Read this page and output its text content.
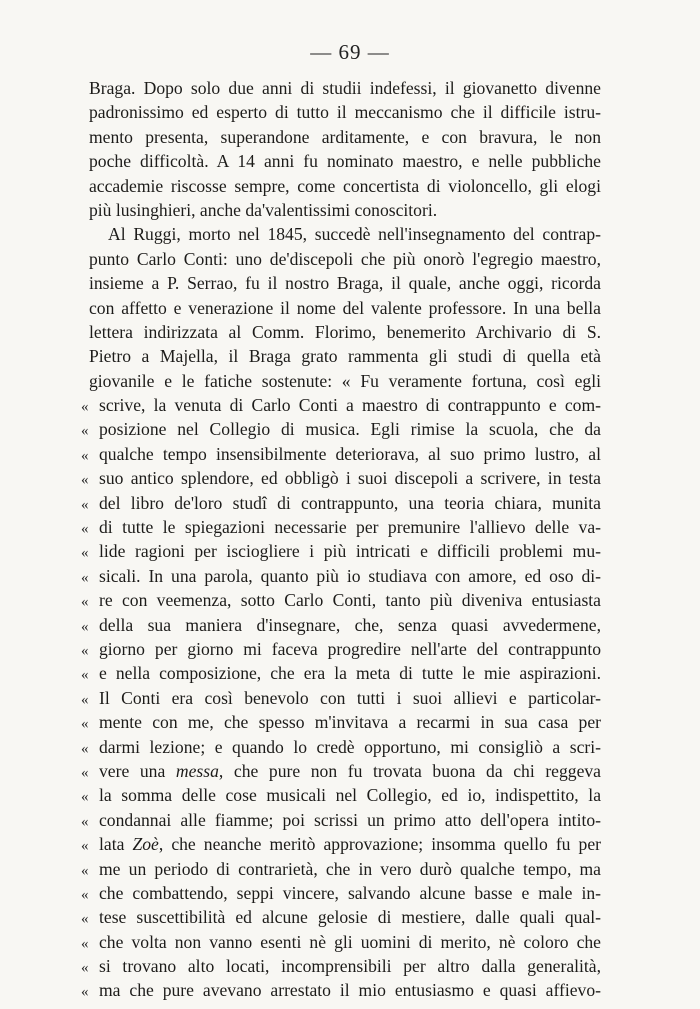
— 69 —
Braga. Dopo solo due anni di studii indefessi, il giovanetto divenne
padronissimo ed esperto di tutto il meccanismo che il difficile istru-
mento presenta, superandone arditamente, e con bravura, le non
poche difficoltà. A 14 anni fu nominato maestro, e nelle pubbliche
accademie riscosse sempre, come concertista di violoncello, gli elogi
più lusinghieri, anche da'valentissimi conoscitori.
Al Ruggi, morto nel 1845, succedè nell'insegnamento del contrap-
punto Carlo Conti: uno de'discepoli che più onorò l'egregio maestro,
insieme a P. Serrao, fu il nostro Braga, il quale, anche oggi, ricorda
con affetto e venerazione il nome del valente professore. In una bella
lettera indirizzata al Comm. Florimo, benemerito Archivario di S.
Pietro a Majella, il Braga grato rammenta gli studi di quella età
giovanile e le fatiche sostenute: « Fu veramente fortuna, così egli
« scrive, la venuta di Carlo Conti a maestro di contrappunto e com-
« posizione nel Collegio di musica. Egli rimise la scuola, che da
« qualche tempo insensibilmente deteriorava, al suo primo lustro, al
« suo antico splendore, ed obbligò i suoi discepoli a scrivere, in testa
« del libro de'loro studî di contrappunto, una teoria chiara, munita
« di tutte le spiegazioni necessarie per premunire l'allievo delle va-
« lide ragioni per isciogliere i più intricati e difficili problemi mu-
« sicali. In una parola, quanto più io studiava con amore, ed oso di-
« re con veemenza, sotto Carlo Conti, tanto più diveniva entusiasta
« della sua maniera d'insegnare, che, senza quasi avvedermene,
« giorno per giorno mi faceva progredire nell'arte del contrappunto
« e nella composizione, che era la meta di tutte le mie aspirazioni.
« Il Conti era così benevolo con tutti i suoi allievi e particolar-
« mente con me, che spesso m'invitava a recarmi in sua casa per
« darmi lezione; e quando lo credè opportuno, mi consigliò a scri-
« vere una messa, che pure non fu trovata buona da chi reggeva
« la somma delle cose musicali nel Collegio, ed io, indispettito, la
« condannai alle fiamme; poi scrissi un primo atto dell'opera intito-
« lata Zoè, che neanche meritò approvazione; insomma quello fu per
« me un periodo di contrarietà, che in vero durò qualche tempo, ma
« che combattendo, seppi vincere, salvando alcune basse e male in-
« tese suscettibilità ed alcune gelosie di mestiere, dalle quali qual-
« che volta non vanno esenti nè gli uomini di merito, nè coloro che
« si trovano alto locati, incomprensibili per altro dalla generalità,
« ma che pure avevano arrestato il mio entusiasmo e quasi affievo-
